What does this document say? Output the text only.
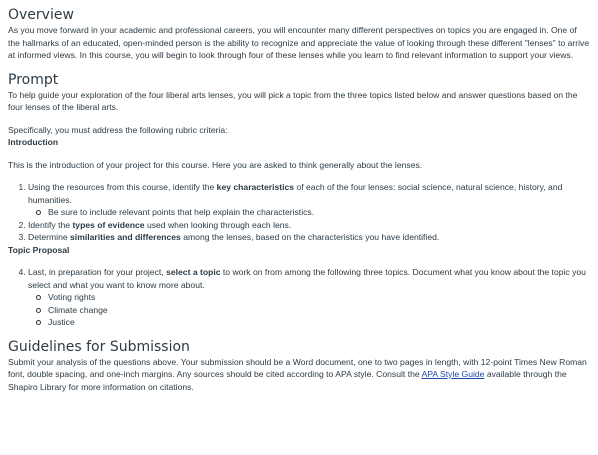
Overview

As you move forward in your academic and professional careers, you will encounter many different perspectives on topics you are engaged in. One of the hallmarks of an educated, open-minded person is the ability to recognize and appreciate the value of looking through these different "lenses" to arrive at informed views. In this course, you will begin to look through four of these lenses while you learn to find relevant information to support your views.

Prompt

To help guide your exploration of the four liberal arts lenses, you will pick a topic from the three topics listed below and answer questions based on the four lenses of the liberal arts.

Specifically, you must address the following rubric criteria:

Introduction

This is the introduction of your project for this course. Here you are asked to think generally about the lenses.

1. Using the resources from this course, identify the key characteristics of each of the four lenses: social science, natural science, history, and humanities.
Be sure to include relevant points that help explain the characteristics.
2. Identify the types of evidence used when looking through each lens.
3. Determine similarities and differences among the lenses, based on the characteristics you have identified.

Topic Proposal

4. Last, in preparation for your project, select a topic to work on from among the following three topics. Document what you know about the topic you select and what you want to know more about.
Voting rights
Climate change
Justice
Guidelines for Submission

Submit your analysis of the questions above. Your submission should be a Word document, one to two pages in length, with 12-point Times New Roman font, double spacing, and one-inch margins. Any sources should be cited according to APA style. Consult the APA Style Guide available through the Shapiro Library for more information on citations.
